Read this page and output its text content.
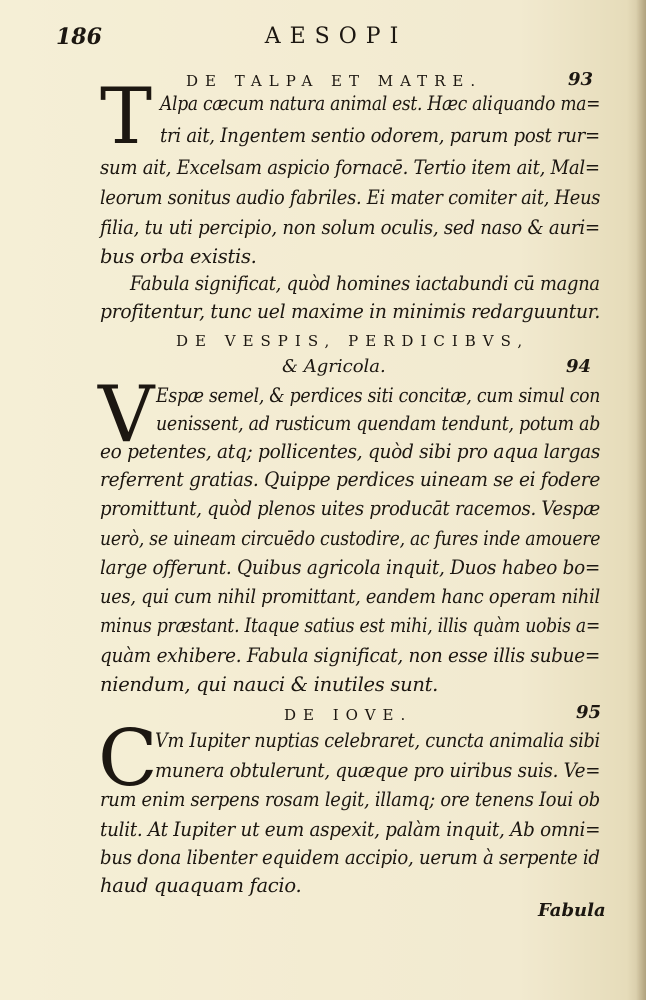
186	AESOPI
DE TALPA ET MATRE.	93
T Alpa cæcum natura animal est. Hæc aliquando ma=
tri ait, Ingentem sentio odorem, parum post rur=
sum ait, Excelsam aspicio fornacē. Tertio item ait, Mal=
leorum sonitus audio fabriles. Ei mater comiter ait, Heus
filia, tu uti percipio, non solum oculis, sed naso & auri=
bus orba existis.
Fabula significat, quòd homines iactabundi cū magna
profitentur, tunc uel maxime in minimis redarguuntur.
DE VESPIS, PERDICIBVS,
& Agricola.	94
V Espæ semel, & perdices siti concitæ, cum simul con
uenissent, ad rusticum quendam tendunt, potum ab
eo petentes, atq; pollicentes, quòd sibi pro aqua largas
referrent gratias. Quippe perdices uineam se ei fodere
promittunt, quòd plenos uites producāt racemos. Vespæ
uerò, se uineam circuēdo custodire, ac fures inde amouere
large offerunt. Quibus agricola inquit, Duos habeo bo=
ues, qui cum nihil promittant, eandem hanc operam nihil
minus præstant. Itaque satius est mihi, illis quàm uobis a=
quàm exhibere. Fabula significat, non esse illis subue=
niendum, qui nauci & inutiles sunt.
DE IOVE.	95
C
Vm Iupiter nuptias celebraret, cuncta animalia sibi
munera obtulerunt, quæque pro uiribus suis. Ve=
rum enim serpens rosam legit, illamq; ore tenens Ioui ob
tulit. At Iupiter ut eum aspexit, palàm inquit, Ab omni=
bus dona libenter equidem accipio, uerum à serpente id
haud quaquam facio.
Fabula
